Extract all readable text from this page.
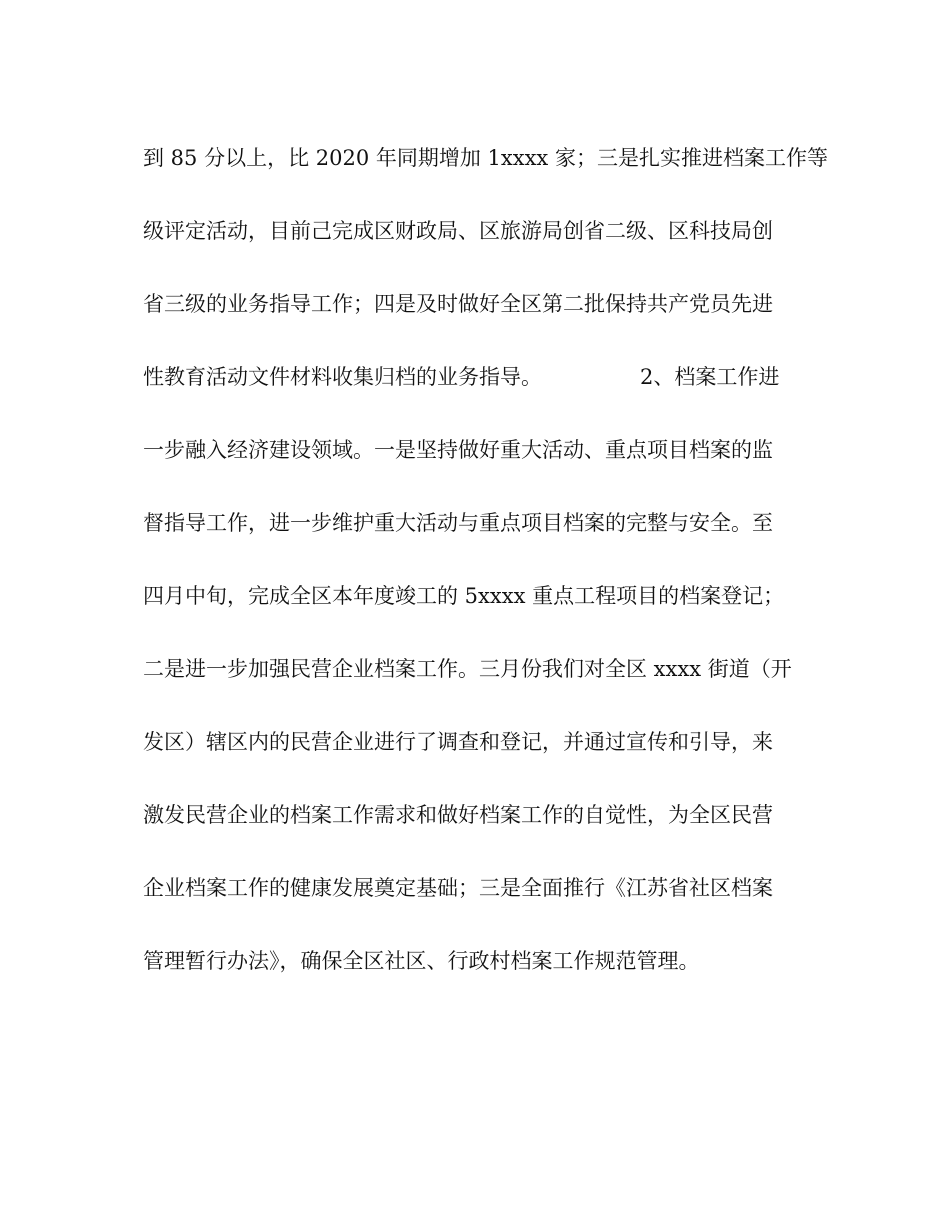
到 85 分以上，比 2020 年同期增加 1xxxx 家；三是扎实推进档案工作等
级评定活动，目前己完成区财政局、区旅游局创省二级、区科技局创
省三级的业务指导工作；四是及时做好全区第二批保持共产党员先进
性教育活动文件材料收集归档的业务指导。	2、档案工作进
一步融入经济建设领域。一是坚持做好重大活动、重点项目档案的监
督指导工作，进一步维护重大活动与重点项目档案的完整与安全。至
四月中旬，完成全区本年度竣工的 5xxxx 重点工程项目的档案登记；
二是进一步加强民营企业档案工作。三月份我们对全区 xxxx 街道（开
发区）辖区内的民营企业进行了调查和登记，并通过宣传和引导，来
激发民营企业的档案工作需求和做好档案工作的自觉性，为全区民营
企业档案工作的健康发展奠定基础；三是全面推行《江苏省社区档案
管理暂行办法》，确保全区社区、行政村档案工作规范管理。
